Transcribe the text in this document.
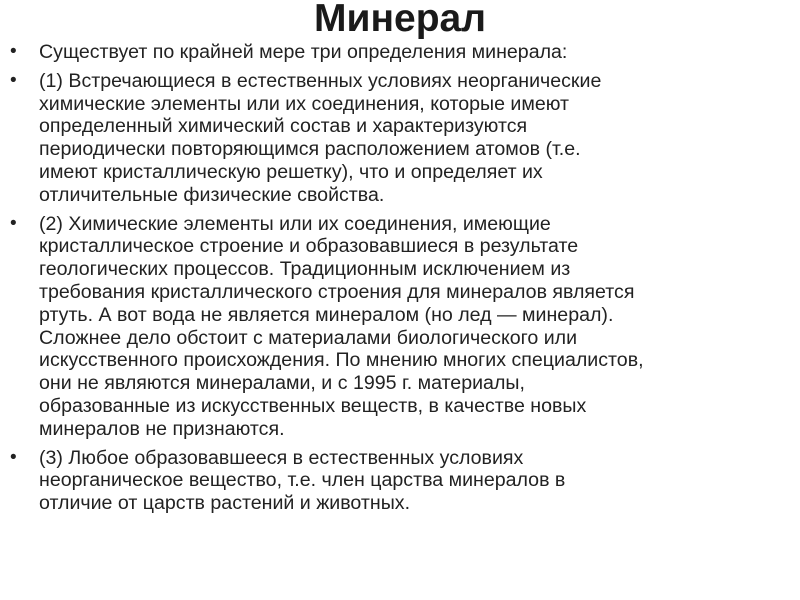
Минерал
•	Существует по крайней мере три определения минерала:
•	(1) Встречающиеся в естественных условиях неорганические
химические элементы или их соединения, которые имеют
определенный химический состав и характеризуются
периодически повторяющимся расположением атомов (т.е.
имеют кристаллическую решетку), что и определяет их
отличительные физические свойства.
•	(2) Химические элементы или их соединения, имеющие
кристаллическое строение и образовавшиеся в результате
геологических процессов. Традиционным исключением из
требования кристаллического строения для минералов является
ртуть. А вот вода не является минералом (но лед — минерал).
Сложнее дело обстоит с материалами биологического или
искусственного происхождения. По мнению многих специалистов,
они не являются минералами, и с 1995 г. материалы,
образованные из искусственных веществ, в качестве новых
минералов не признаются.
•	(3) Любое образовавшееся в естественных условиях
неорганическое вещество, т.е. член царства минералов в
отличие от царств растений и животных.
